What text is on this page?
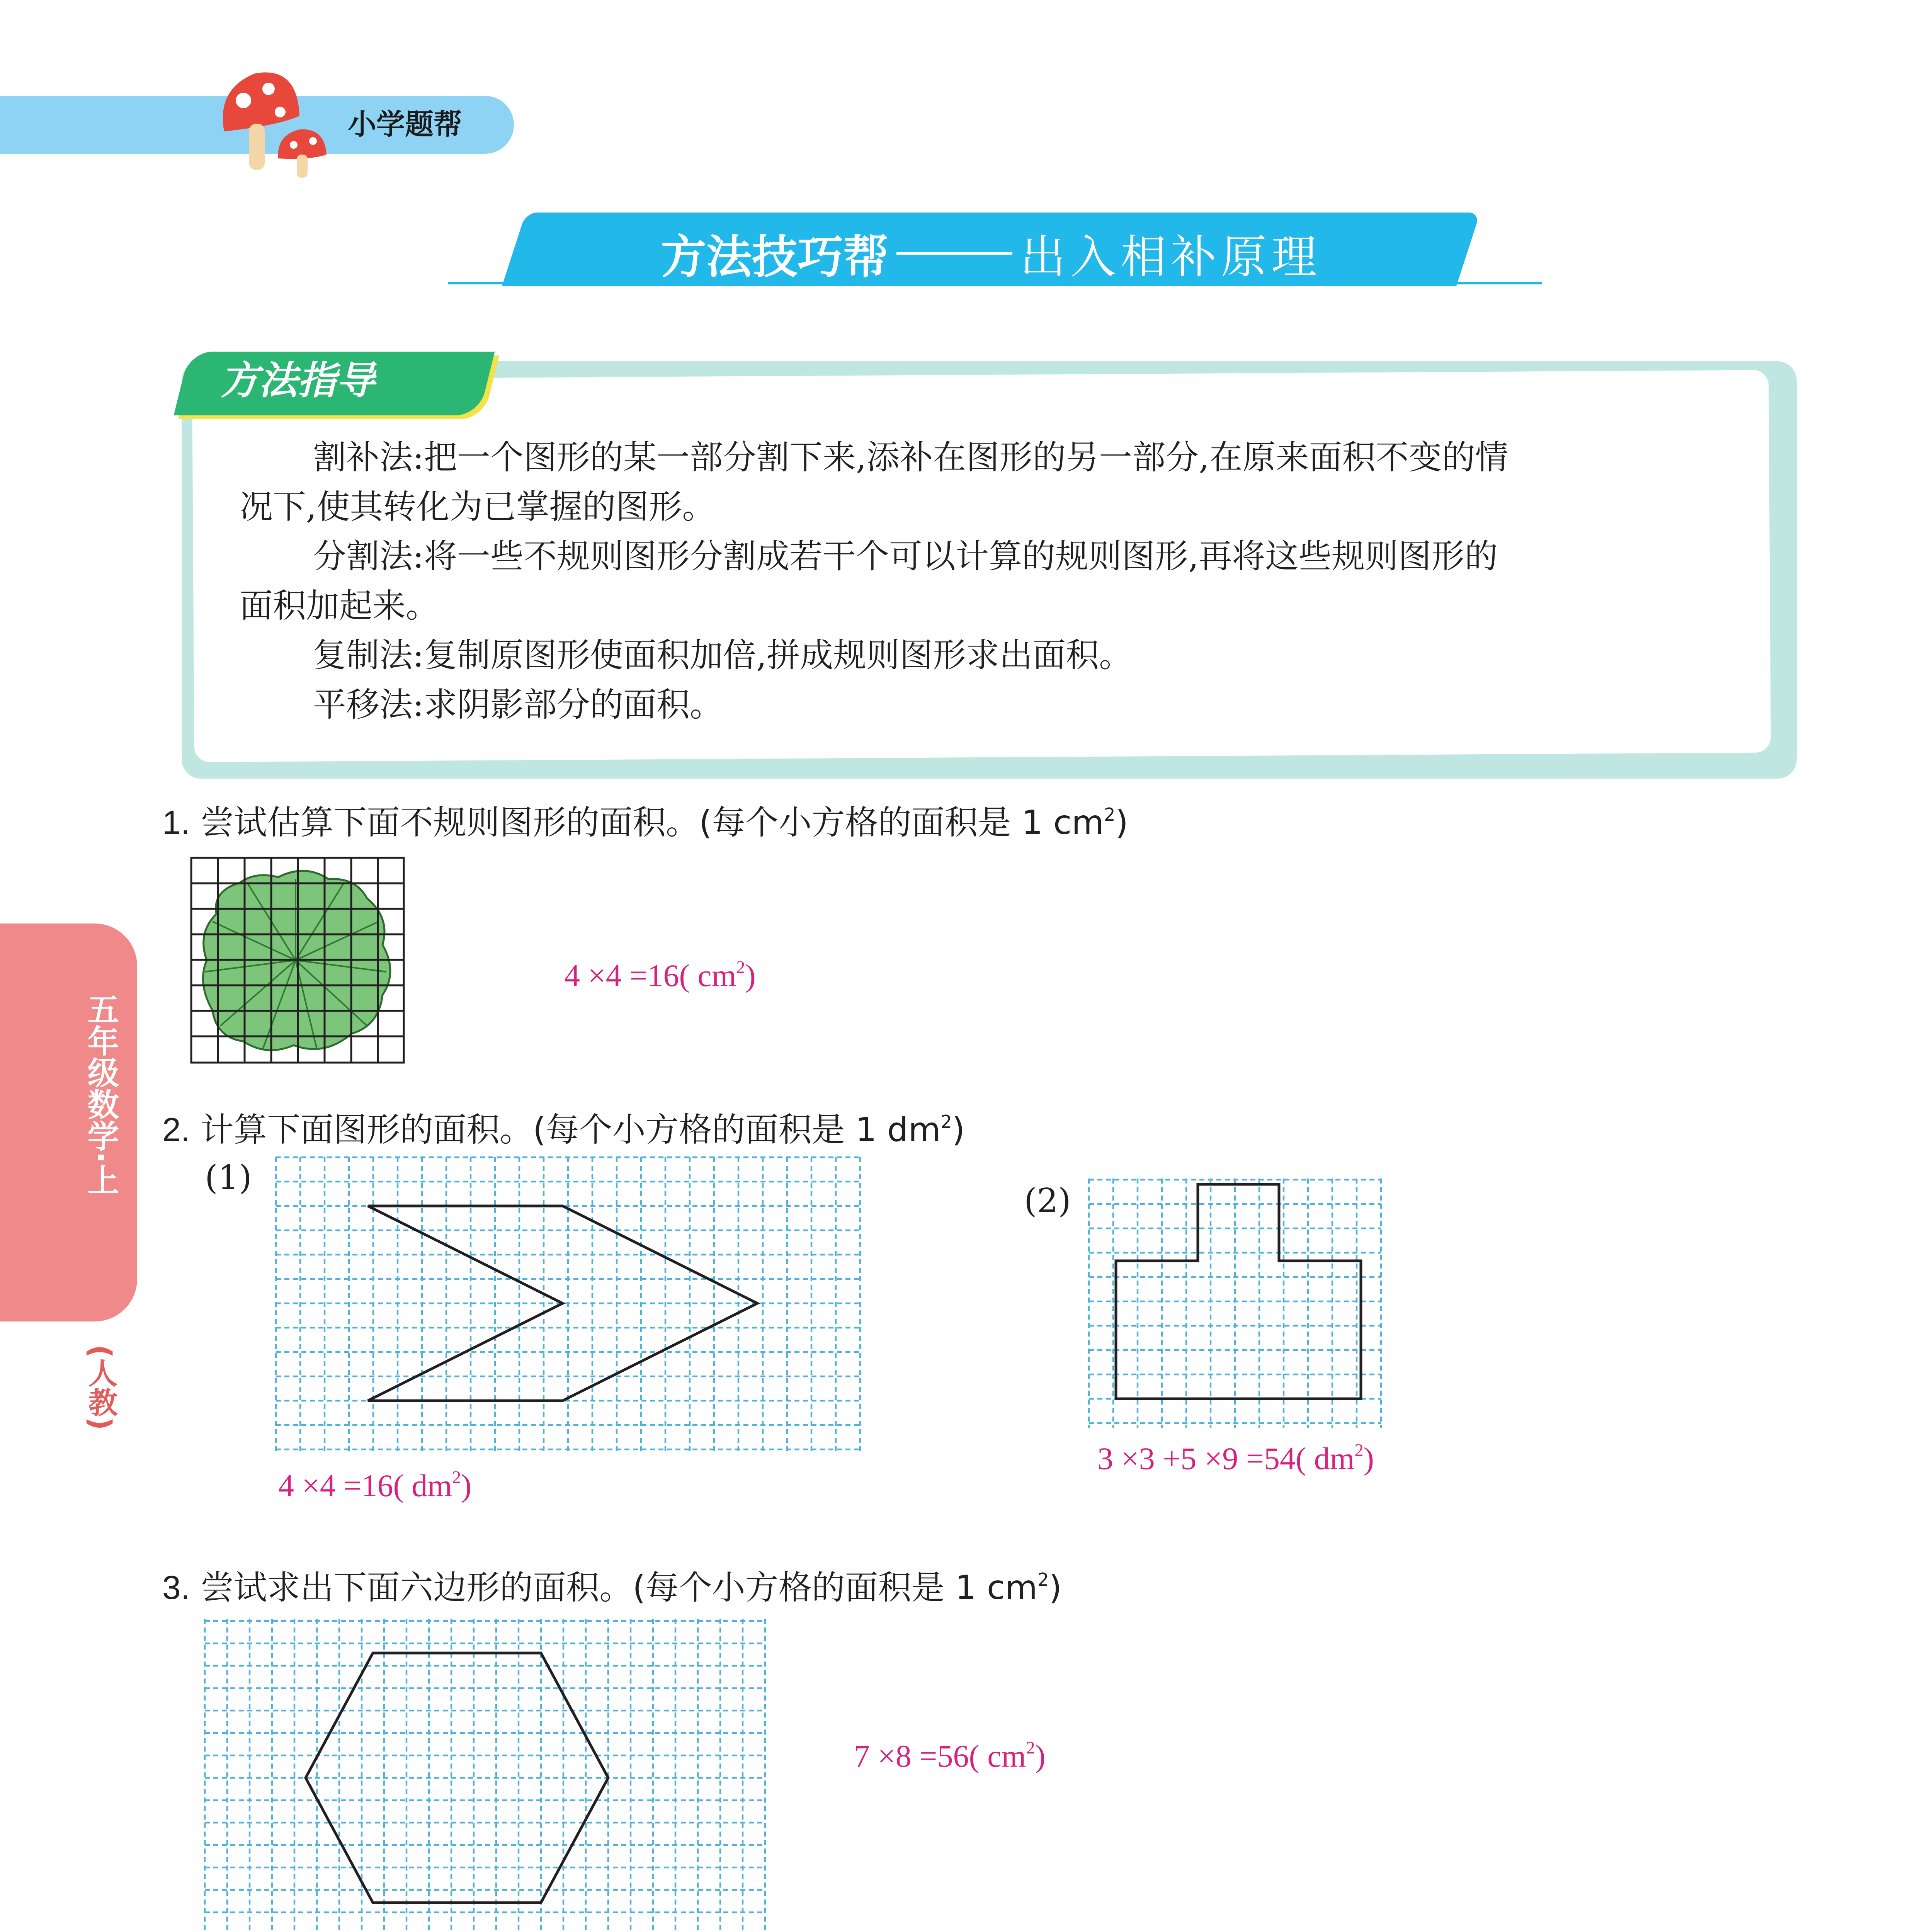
小学题帮
方法技巧帮	出入相补原理
五年级数学·上
(人教)
方法指导
割补法:把一个图形的某一部分割下来,添补在图形的另一部分,在原来面积不变的情
况下,使其转化为已掌握的图形。
分割法:将一些不规则图形分割成若干个可以计算的规则图形,再将这些规则图形的
面积加起来。
复制法:复制原图形使面积加倍,拼成规则图形求出面积。
平移法:求阴影部分的面积。
1. 尝试估算下面不规则图形的面积。(每个小方格的面积是 1 $cm^2$)
4 ×4 =16( $cm^2$)
2. 计算下面图形的面积。(每个小方格的面积是 1 $dm^2$)
(1)
4 ×4 =16( $dm^2$)
(2)
3 ×3 +5 ×9 =54( $dm^2$)
3. 尝试求出下面六边形的面积。(每个小方格的面积是 1 $cm^2$)
7 ×8 =56( $cm^2$)
